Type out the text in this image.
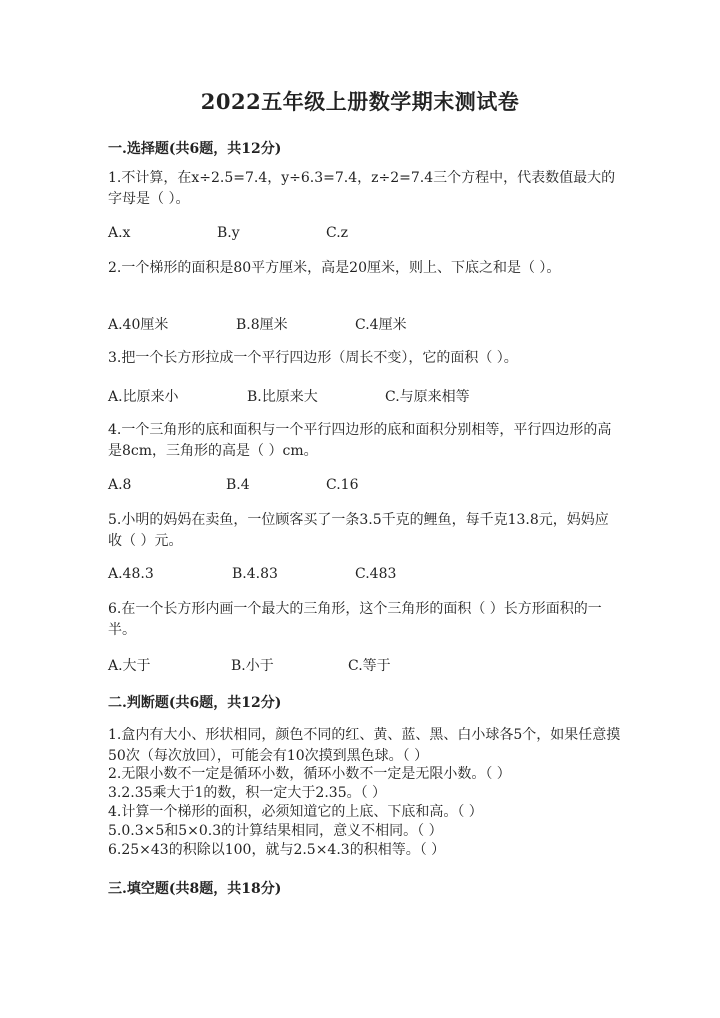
2022五年级上册数学期末测试卷
一.选择题(共6题，共12分)
1.不计算，在x÷2.5=7.4，y÷6.3=7.4，z÷2=7.4三个方程中，代表数值最大的字母是（ ）。
A.x	B.y	C.z
2.一个梯形的面积是80平方厘米，高是20厘米，则上、下底之和是（ ）。
A.40厘米	B.8厘米	C.4厘米
3.把一个长方形拉成一个平行四边形（周长不变），它的面积（ ）。
A.比原来小	B.比原来大	C.与原来相等
4.一个三角形的底和面积与一个平行四边形的底和面积分别相等，平行四边形的高是8cm，三角形的高是（ ）cm。
A.8	B.4	C.16
5.小明的妈妈在卖鱼，一位顾客买了一条3.5千克的鲤鱼，每千克13.8元，妈妈应收（ ）元。
A.48.3	B.4.83	C.483
6.在一个长方形内画一个最大的三角形，这个三角形的面积（ ）长方形面积的一半。
A.大于	B.小于	C.等于
二.判断题(共6题，共12分)
1.盒内有大小、形状相同，颜色不同的红、黄、蓝、黑、白小球各5个，如果任意摸50次（每次放回），可能会有10次摸到黑色球。（ ）
2.无限小数不一定是循环小数，循环小数不一定是无限小数。（ ）
3.2.35乘大于1的数，积一定大于2.35。（ ）
4.计算一个梯形的面积，必须知道它的上底、下底和高。（ ）
5.0.3×5和5×0.3的计算结果相同，意义不相同。（ ）
6.25×43的积除以100，就与2.5×4.3的积相等。（ ）
三.填空题(共8题，共18分)
